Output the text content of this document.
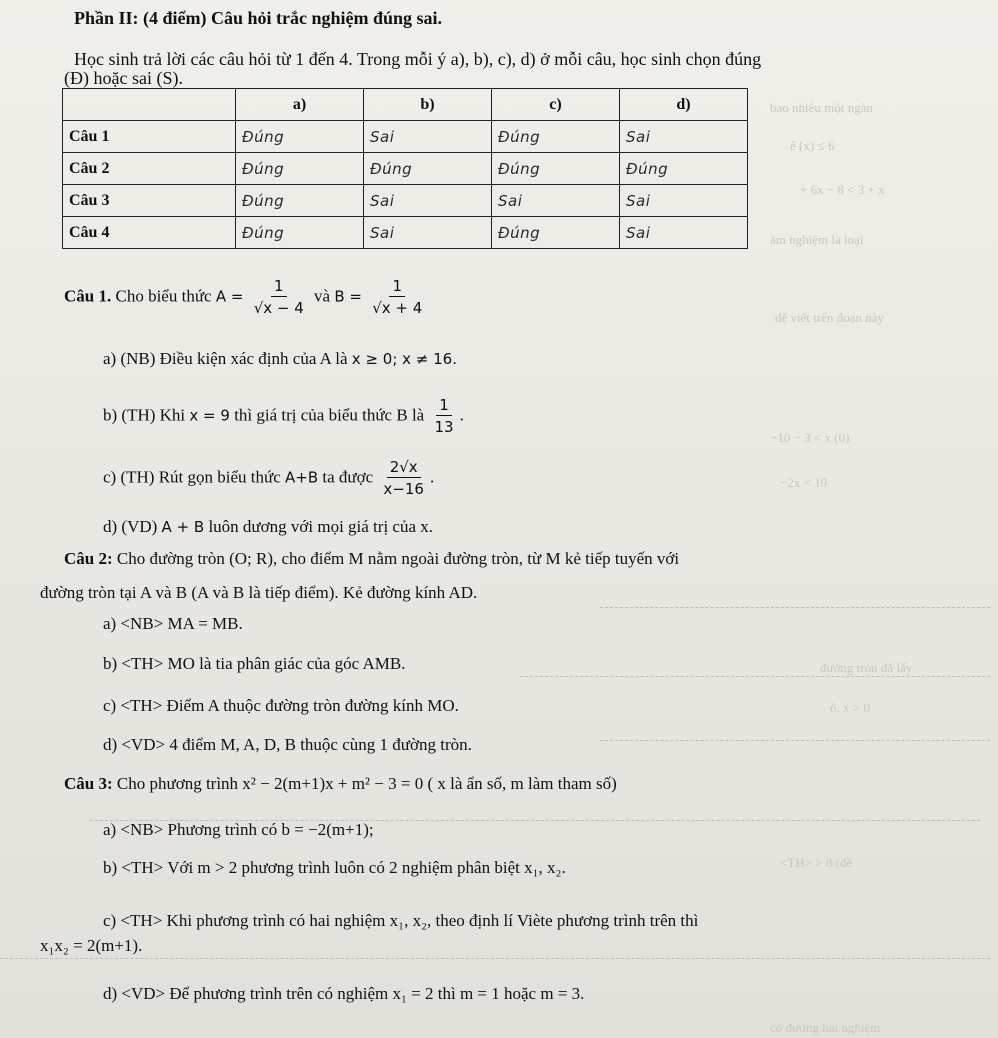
bao nhiêu một ngàn
ê (x) ≤ 6
+ 6x − 8 < 3 + x
ảm nghiệm là loại
để viết trên đoạn này
−10 − 3 < x (0)
−2x < 10
đường tròn đã lấy
ô. x > 0
<TH> > 8 (đề
có đường hai nghiệm
Phần II: (4 điểm) Câu hỏi trắc nghiệm đúng sai.
Học sinh trả lời các câu hỏi từ 1 đến 4. Trong mỗi ý a), b), c), d) ở mỗi câu, học sinh chọn đúng
(Đ) hoặc sai (S).
	a)	b)	c)	d)
Câu 1	Đúng	Sai	Đúng	Sai
Câu 2	Đúng	Đúng	Đúng	Đúng
Câu 3	Đúng	Sai	Sai	Sai
Câu 4	Đúng	Sai	Đúng	Sai
Câu 1. Cho biểu thức $A = \frac{1}{√x - 4}$ và $B = \frac{1}{√x + 4}$
a) (NB) Điều kiện xác định của A là x ≥ 0; x ≠ 16.
b) (TH) Khi x = 9 thì giá trị của biểu thức B là $\frac{1}{13}$ .
c) (TH) Rút gọn biểu thức A+B ta được $\frac{2√x}{x-16}$ .
d) (VD) A + B luôn dương với mọi giá trị của x.
Câu 2: Cho đường tròn (O; R), cho điểm M nằm ngoài đường tròn, từ M kẻ tiếp tuyến với
đường tròn tại A và B (A và B là tiếp điểm). Kẻ đường kính AD.
a) <NB> MA = MB.
b) <TH> MO là tia phân giác của góc AMB.
c) <TH> Điểm A thuộc đường tròn đường kính MO.
d) <VD> 4 điểm M, A, D, B thuộc cùng 1 đường tròn.
Câu 3: Cho phương trình x² − 2(m+1)x + m² − 3 = 0 ( x là ẩn số, m làm tham số)
a) <NB> Phương trình có b = −2(m+1);
b) <TH> Với m > 2 phương trình luôn có 2 nghiệm phân biệt x₁, x₂.
c) <TH> Khi phương trình có hai nghiệm x₁, x₂, theo định lí Viète phương trình trên thì
x₁x₂ = 2(m+1).
d) <VD> Để phương trình trên có nghiệm x₁ = 2 thì m = 1 hoặc m = 3.
